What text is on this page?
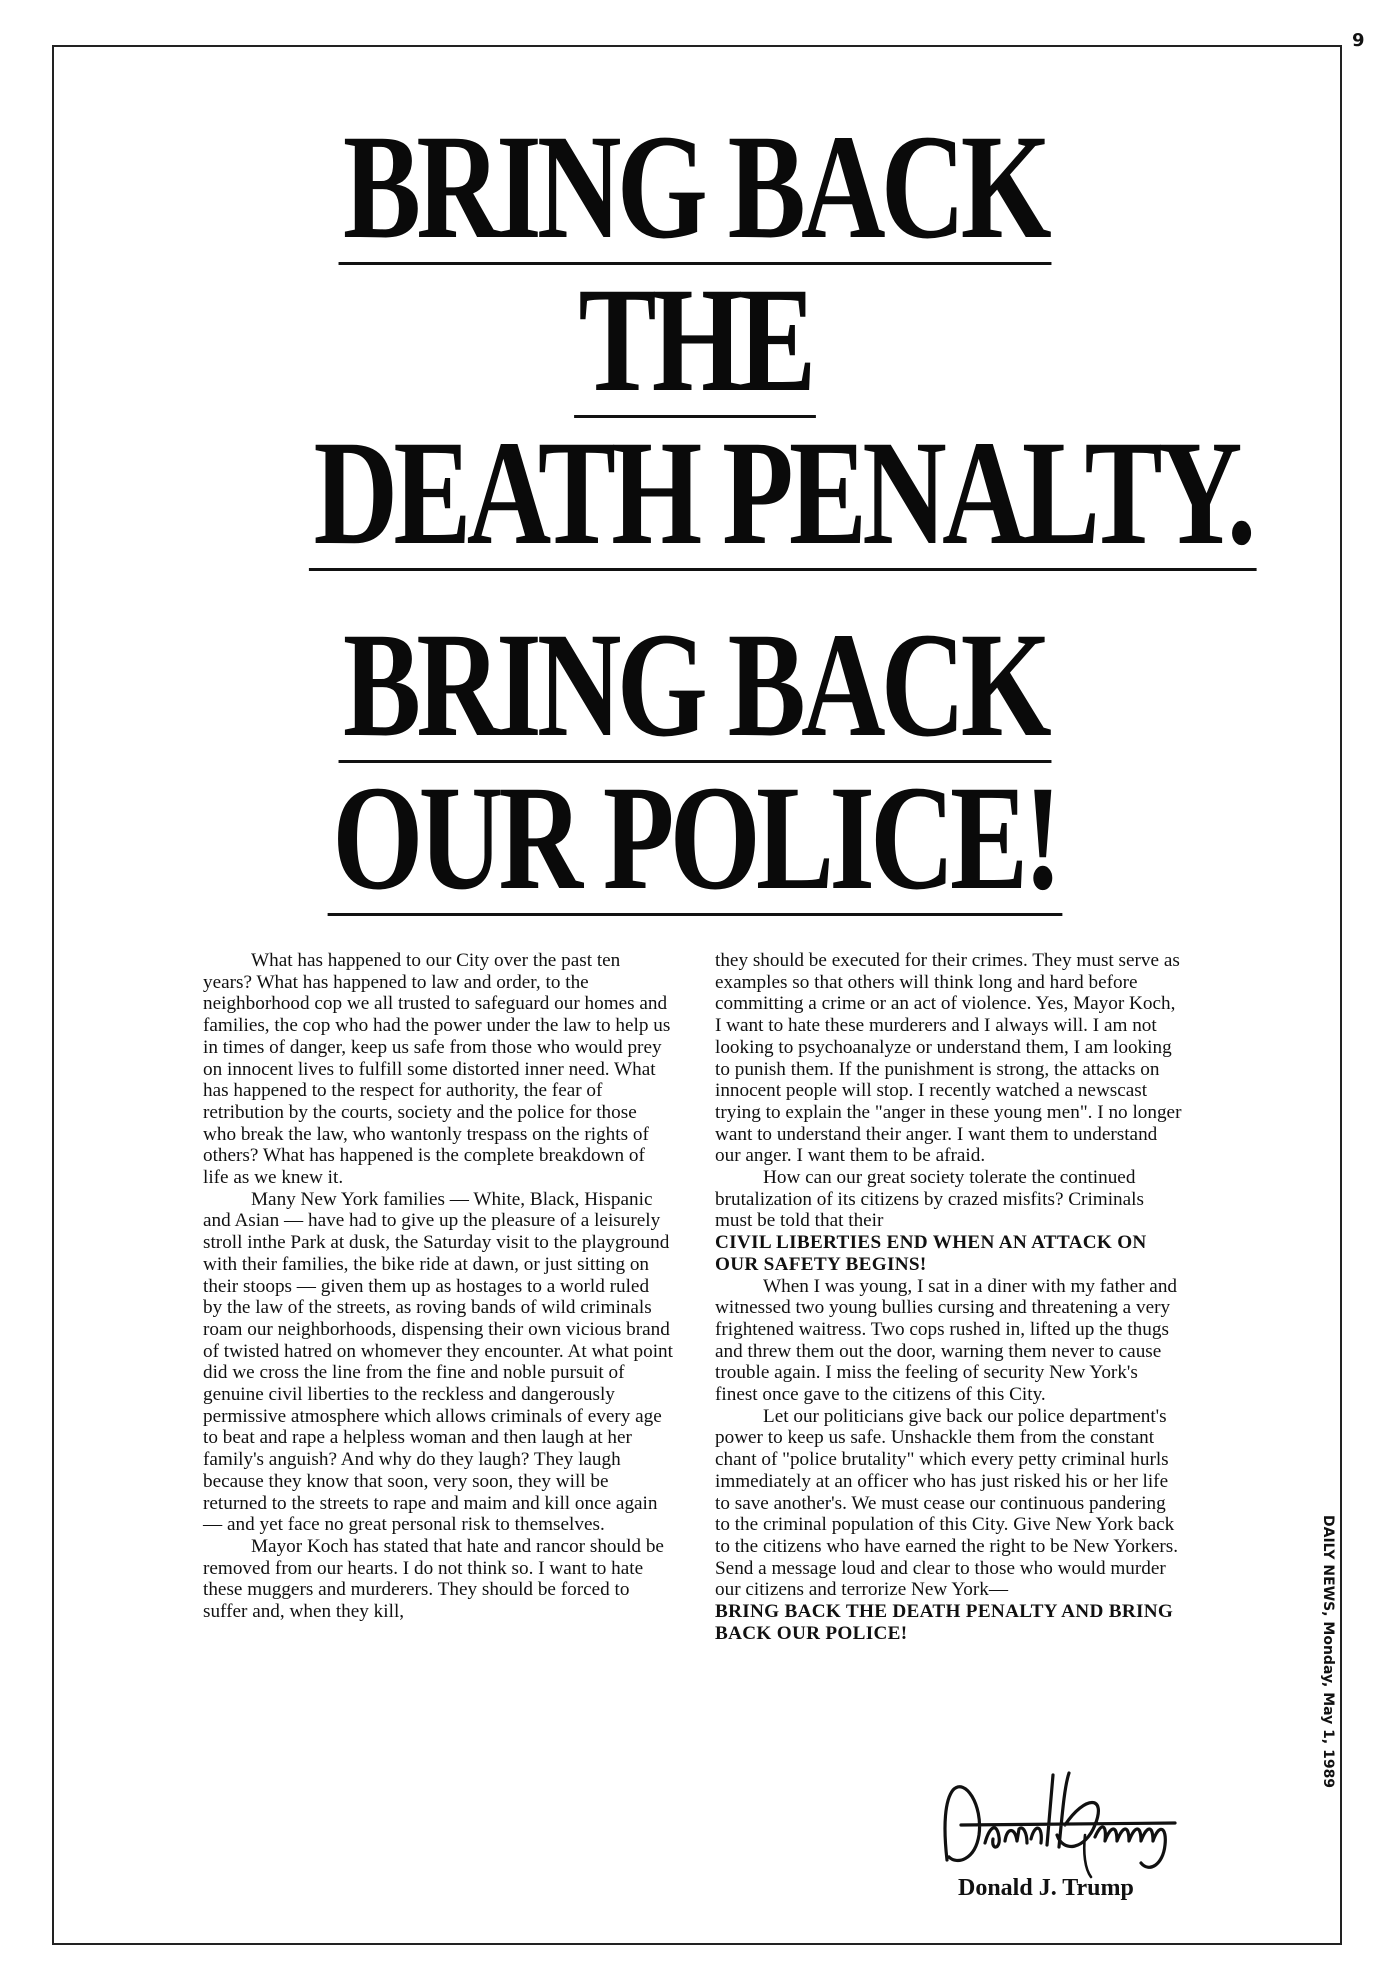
9
BRING BACK
THE
DEATH PENALTY.
BRING BACK
OUR POLICE!

What has happened to our City over the past ten years? What has happened to law and order, to the neighborhood cop we all trusted to safeguard our homes and families, the cop who had the power under the law to help us in times of danger, keep us safe from those who would prey on innocent lives to fulfill some distorted inner need. What has happened to the respect for authority, the fear of retribution by the courts, society and the police for those who break the law, who wantonly trespass on the rights of others? What has happened is the complete breakdown of life as we knew it.

Many New York families — White, Black, Hispanic and Asian — have had to give up the pleasure of a leisurely stroll inthe Park at dusk, the Saturday visit to the playground with their families, the bike ride at dawn, or just sitting on their stoops — given them up as hostages to a world ruled by the law of the streets, as roving bands of wild criminals roam our neighborhoods, dispensing their own vicious brand of twisted hatred on whomever they encounter. At what point did we cross the line from the fine and noble pursuit of genuine civil liberties to the reckless and dangerously permissive atmosphere which allows criminals of every age to beat and rape a helpless woman and then laugh at her family's anguish? And why do they laugh? They laugh because they know that soon, very soon, they will be returned to the streets to rape and maim and kill once again — and yet face no great personal risk to themselves.

Mayor Koch has stated that hate and rancor should be removed from our hearts. I do not think so. I want to hate these muggers and murderers. They should be forced to suffer and, when they kill,

they should be executed for their crimes. They must serve as examples so that others will think long and hard before committing a crime or an act of violence. Yes, Mayor Koch, I want to hate these murderers and I always will. I am not looking to psychoanalyze or understand them, I am looking to punish them. If the punishment is strong, the attacks on innocent people will stop. I recently watched a newscast trying to explain the "anger in these young men". I no longer want to understand their anger. I want them to understand our anger. I want them to be afraid.

How can our great society tolerate the continued brutalization of its citizens by crazed misfits? Criminals must be told that their

CIVIL LIBERTIES END WHEN AN ATTACK ON OUR SAFETY BEGINS!

When I was young, I sat in a diner with my father and witnessed two young bullies cursing and threatening a very frightened waitress. Two cops rushed in, lifted up the thugs and threw them out the door, warning them never to cause trouble again. I miss the feeling of security New York's finest once gave to the citizens of this City.

Let our politicians give back our police department's power to keep us safe. Unshackle them from the constant chant of "police brutality" which every petty criminal hurls immediately at an officer who has just risked his or her life to save another's. We must cease our continuous pandering to the criminal population of this City. Give New York back to the citizens who have earned the right to be New Yorkers. Send a message loud and clear to those who would murder our citizens and terrorize New York—

BRING BACK THE DEATH PENALTY AND BRING BACK OUR POLICE!

Donald J. Trump
DAILY NEWS, Monday, May 1, 1989
